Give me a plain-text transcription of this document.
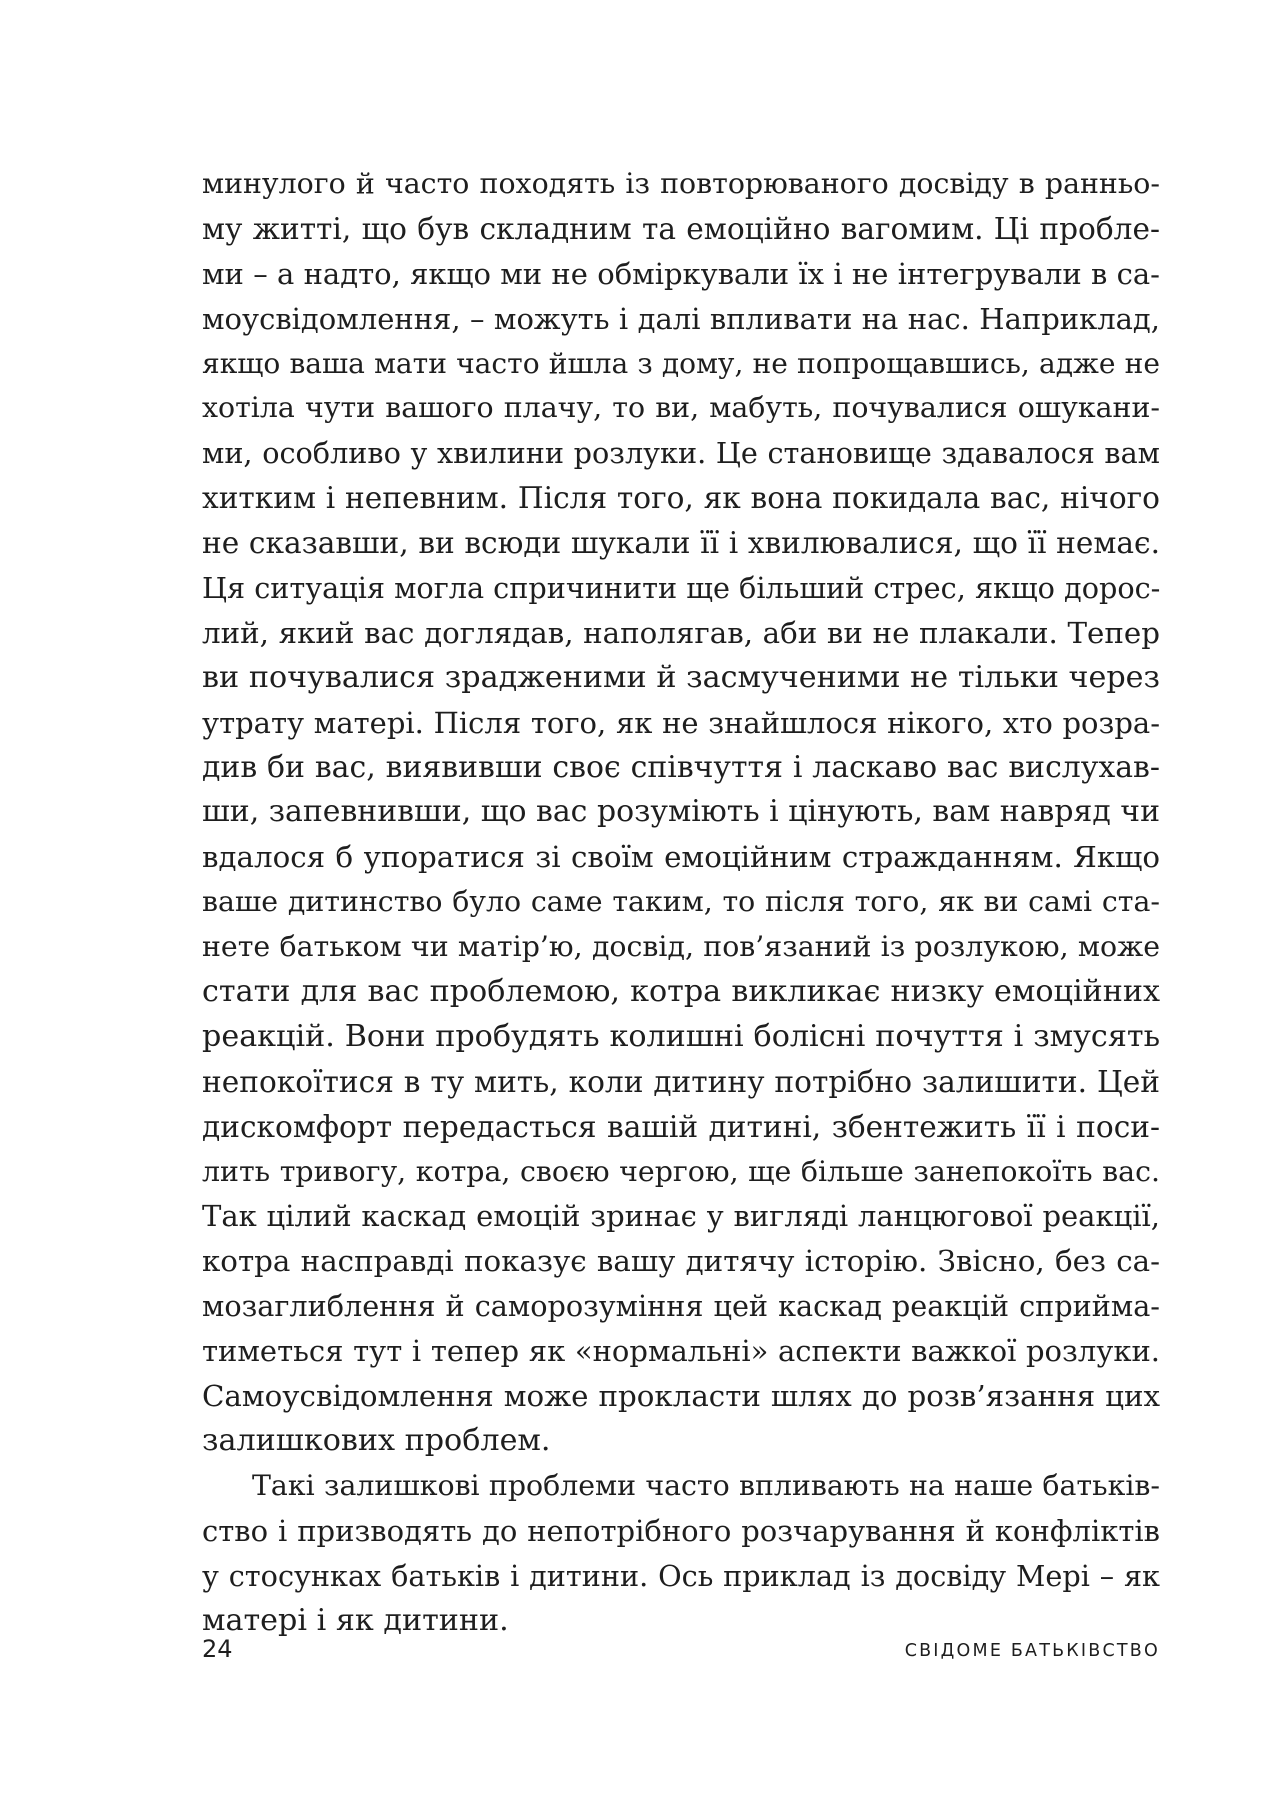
минулого й часто походять із повторюваного досвіду в ранньо-
му житті, що був складним та емоційно вагомим. Ці пробле-
ми – а надто, якщо ми не обміркували їх і не інтегрували в са-
моусвідомлення, – можуть і далі впливати на нас. Наприклад,
якщо ваша мати часто йшла з дому, не попрощавшись, адже не
хотіла чути вашого плачу, то ви, мабуть, почувалися ошукани-
ми, особливо у хвилини розлуки. Це становище здавалося вам
хитким і непевним. Після того, як вона покидала вас, нічого
не сказавши, ви всюди шукали її і хвилювалися, що її немає.
Ця ситуація могла спричинити ще більший стрес, якщо дорос-
лий, який вас доглядав, наполягав, аби ви не плакали. Тепер
ви почувалися зрадженими й засмученими не тільки через
утрату матері. Після того, як не знайшлося нікого, хто розра-
див би вас, виявивши своє співчуття і ласкаво вас вислухав-
ши, запевнивши, що вас розуміють і цінують, вам навряд чи
вдалося б упоратися зі своїм емоційним стражданням. Якщо
ваше дитинство було саме таким, то після того, як ви самі ста-
нете батьком чи матір’ю, досвід, пов’язаний із розлукою, може
стати для вас проблемою, котра викликає низку емоційних
реакцій. Вони пробудять колишні болісні почуття і змусять
непокоїтися в ту мить, коли дитину потрібно залишити. Цей
дискомфорт передасться вашій дитині, збентежить її і поси-
лить тривогу, котра, своєю чергою, ще більше занепокоїть вас.
Так цілий каскад емоцій зринає у вигляді ланцюгової реакції,
котра насправді показує вашу дитячу історію. Звісно, без са-
мозаглиблення й саморозуміння цей каскад реакцій сприйма-
тиметься тут і тепер як «нормальні» аспекти важкої розлуки.
Самоусвідомлення може прокласти шлях до розв’язання цих
залишкових проблем.
Такі залишкові проблеми часто впливають на наше батьків-
ство і призводять до непотрібного розчарування й конфліктів
у стосунках батьків і дитини. Ось приклад із досвіду Мері – як
матері і як дитини.
24	СВІДОМЕ БАТЬКІВСТВО
